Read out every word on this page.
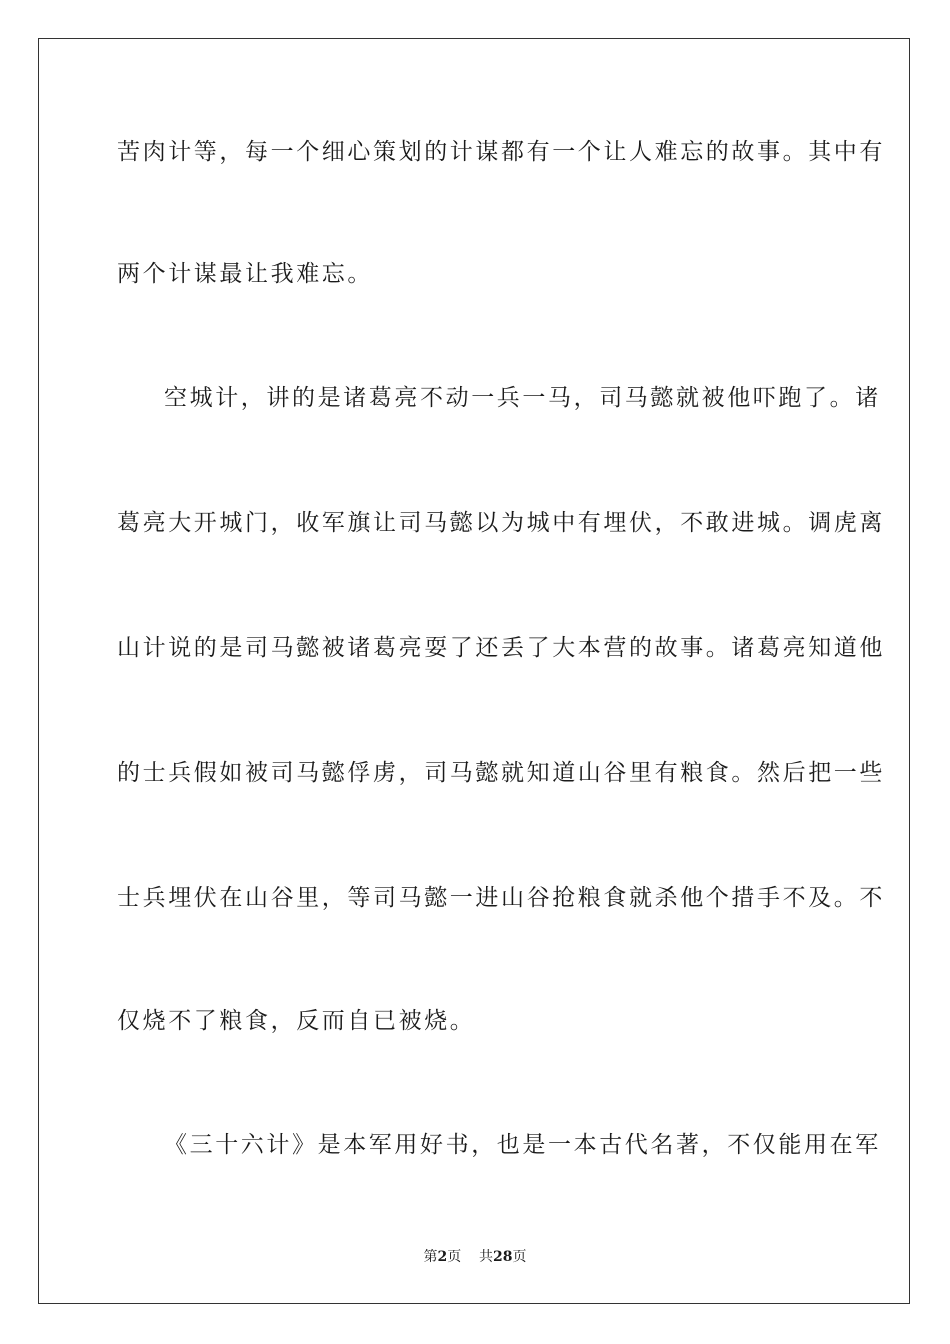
苦肉计等，每一个细心策划的计谋都有一个让人难忘的故事。其中有
两个计谋最让我难忘。
空城计，讲的是诸葛亮不动一兵一马，司马懿就被他吓跑了。诸
葛亮大开城门，收军旗让司马懿以为城中有埋伏，不敢进城。调虎离
山计说的是司马懿被诸葛亮耍了还丢了大本营的故事。诸葛亮知道他
的士兵假如被司马懿俘虏，司马懿就知道山谷里有粮食。然后把一些
士兵埋伏在山谷里，等司马懿一进山谷抢粮食就杀他个措手不及。不
仅烧不了粮食，反而自已被烧。
《三十六计》是本军用好书，也是一本古代名著，不仅能用在军
第2页 共28页
